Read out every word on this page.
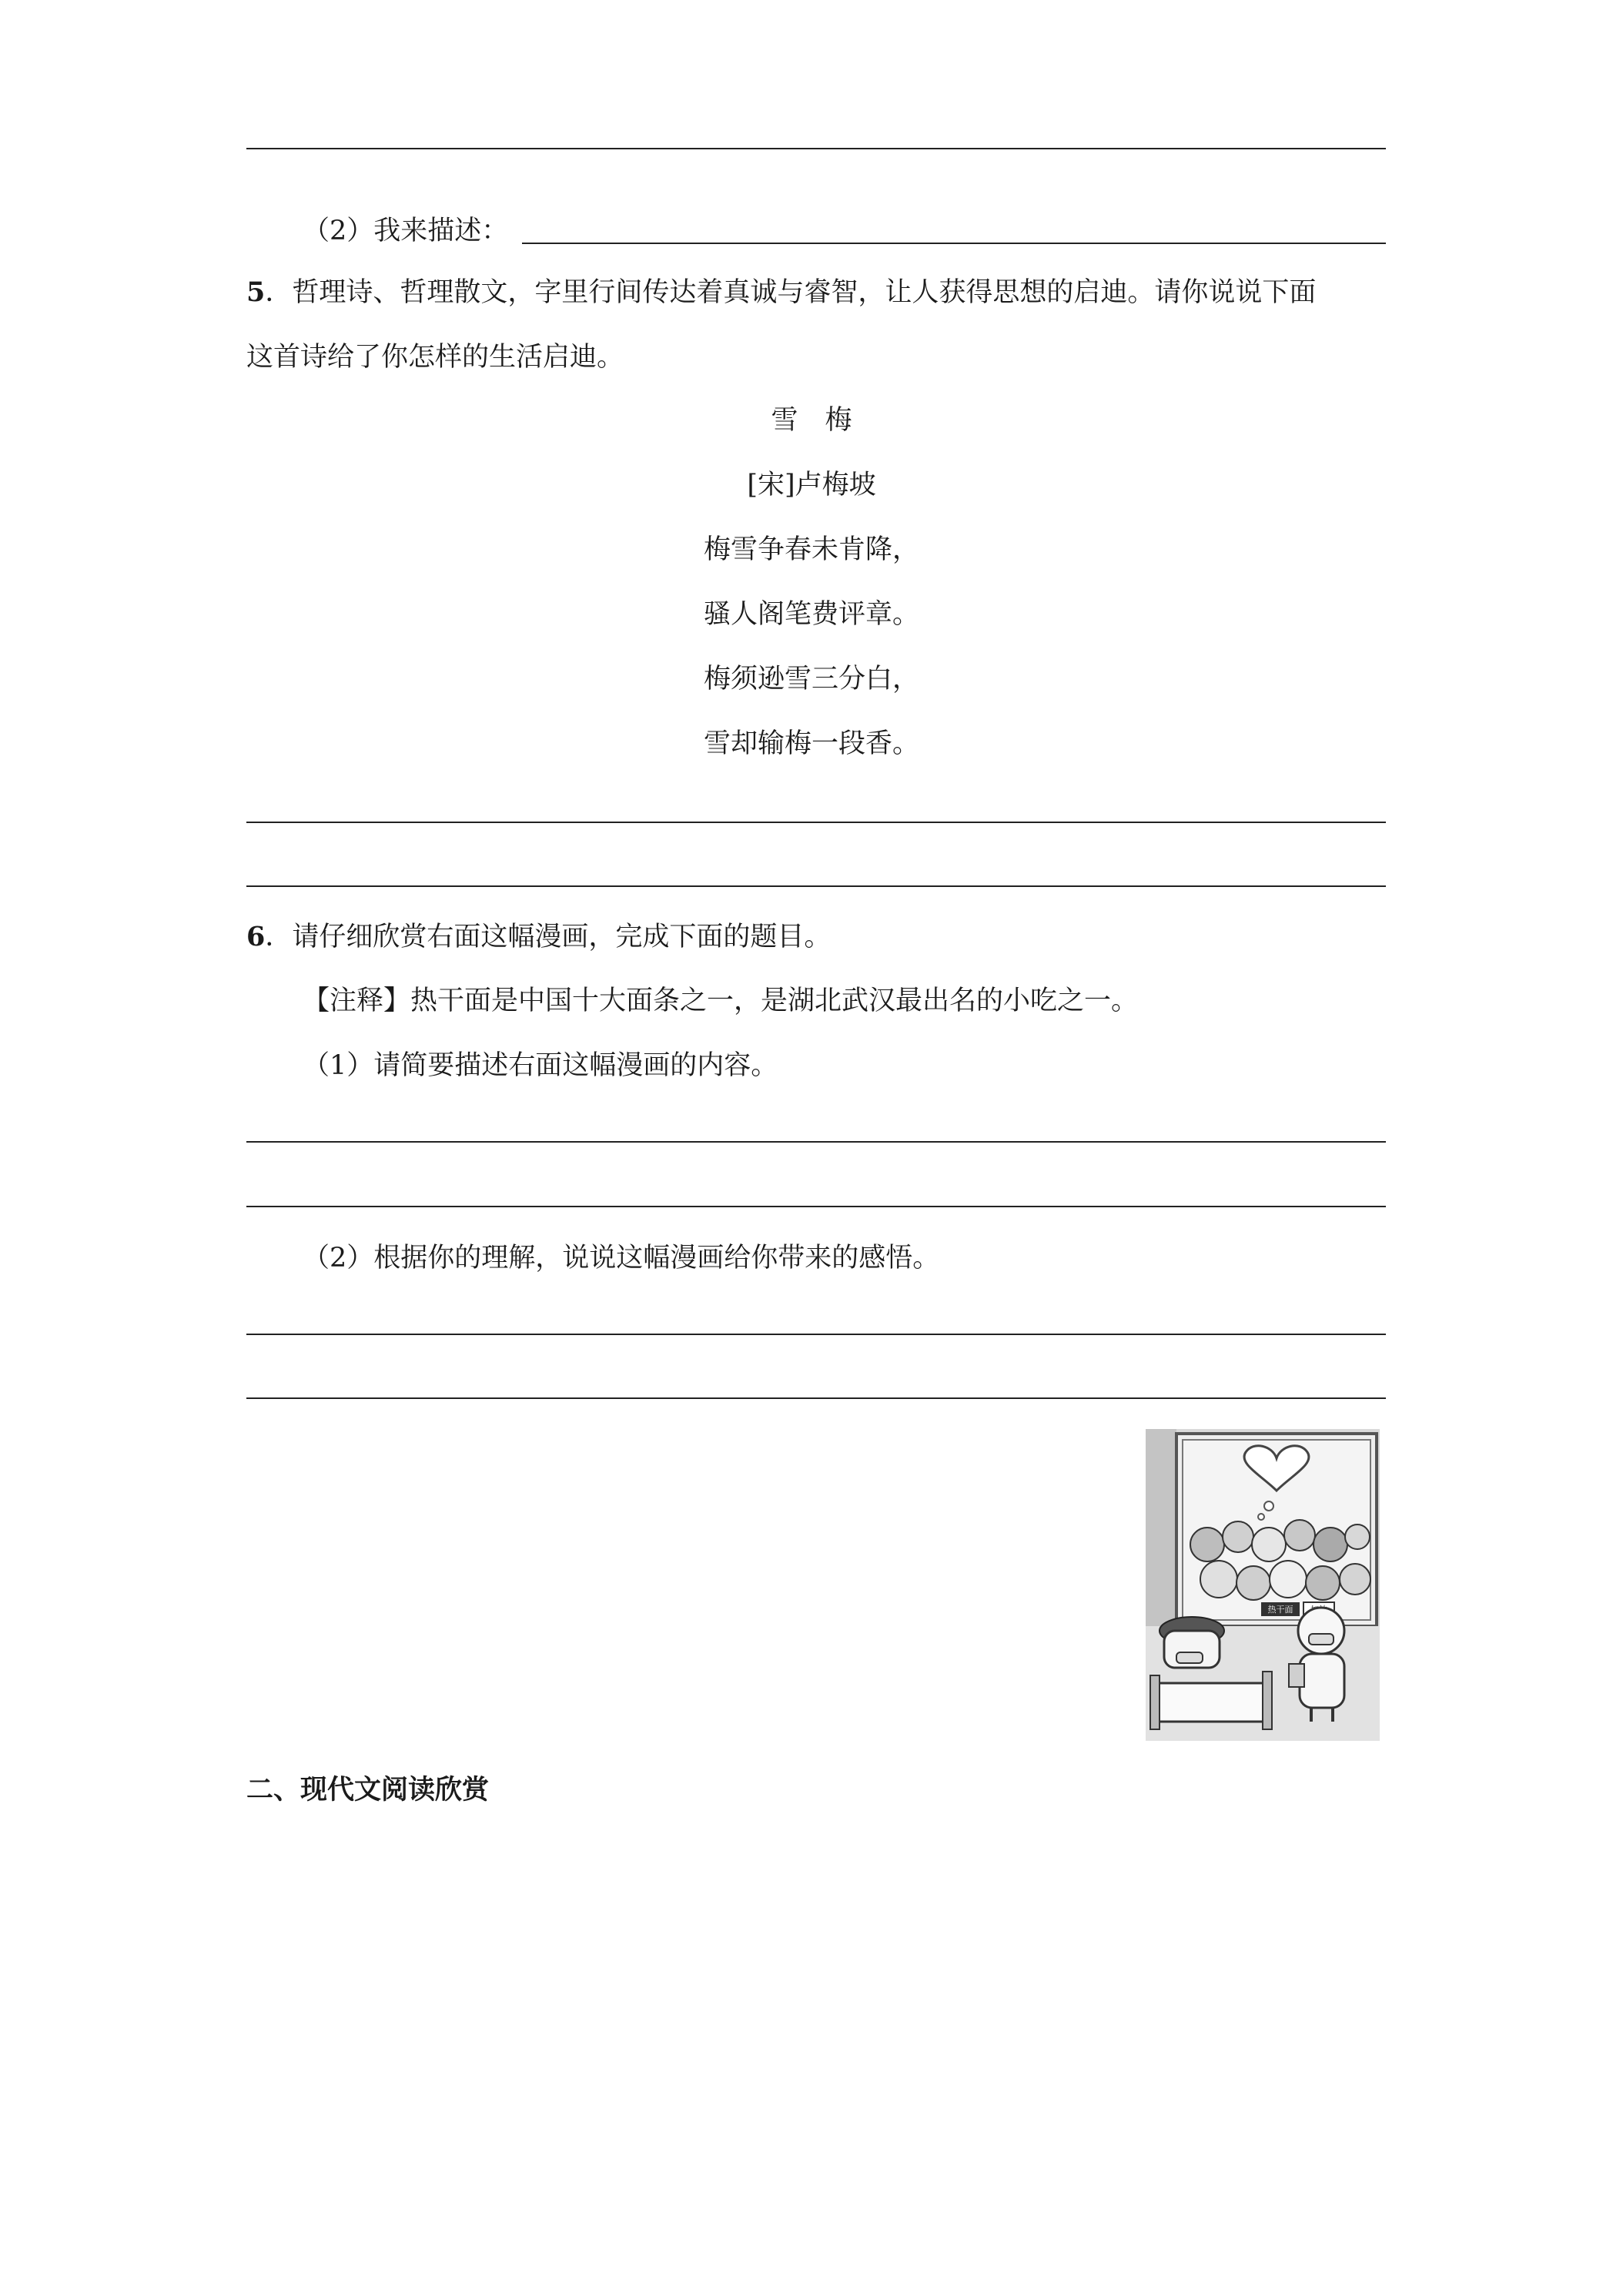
（2）我来描述：
5．哲理诗、哲理散文，字里行间传达着真诚与睿智，让人获得思想的启迪。请你说说下面
这首诗给了你怎样的生活启迪。
雪　梅
[宋]卢梅坡
梅雪争春未肯降，
骚人阁笔费评章。
梅须逊雪三分白，
雪却输梅一段香。
6．请仔细欣赏右面这幅漫画，完成下面的题目。
【注释】热干面是中国十大面条之一，是湖北武汉最出名的小吃之一。
（1）请简要描述右面这幅漫画的内容。
（2）根据你的理解，说说这幅漫画给你带来的感悟。
热干面
二、现代文阅读欣赏
